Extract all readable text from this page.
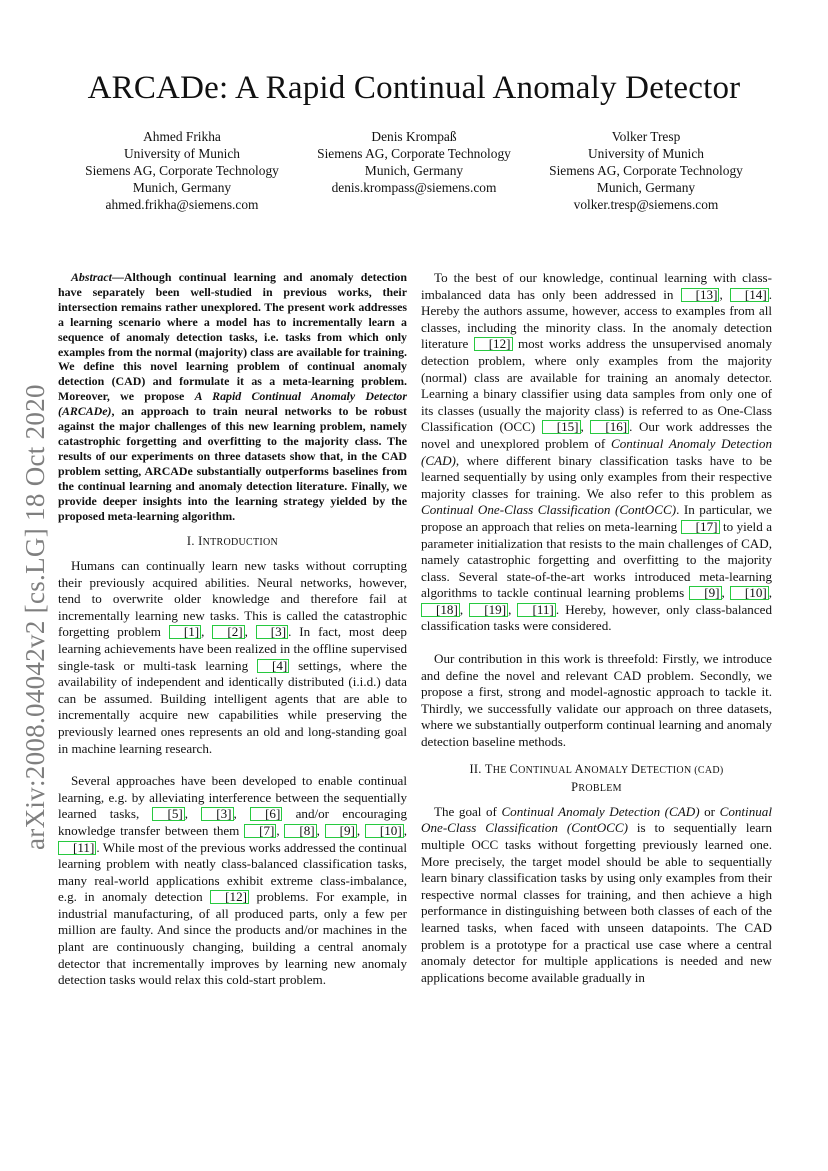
ARCADe: A Rapid Continual Anomaly Detector
Ahmed Frikha
University of Munich
Siemens AG, Corporate Technology
Munich, Germany
ahmed.frikha@siemens.com
Denis Krompaß
Siemens AG, Corporate Technology
Munich, Germany
denis.krompass@siemens.com
Volker Tresp
University of Munich
Siemens AG, Corporate Technology
Munich, Germany
volker.tresp@siemens.com
arXiv:2008.04042v2 [cs.LG] 18 Oct 2020

Abstract—Although continual learning and anomaly detection have separately been well-studied in previous works, their intersection remains rather unexplored. The present work addresses a learning scenario where a model has to incrementally learn a sequence of anomaly detection tasks, i.e. tasks from which only examples from the normal (majority) class are available for training. We define this novel learning problem of continual anomaly detection (CAD) and formulate it as a meta-learning problem. Moreover, we propose A Rapid Continual Anomaly Detector (ARCADe), an approach to train neural networks to be robust against the major challenges of this new learning problem, namely catastrophic forgetting and overfitting to the majority class. The results of our experiments on three datasets show that, in the CAD problem setting, ARCADe substantially outperforms baselines from the continual learning and anomaly detection literature. Finally, we provide deeper insights into the learning strategy yielded by the proposed meta-learning algorithm.

I. INTRODUCTION

Humans can continually learn new tasks without corrupting their previously acquired abilities. Neural networks, however, tend to overwrite older knowledge and therefore fail at incrementally learning new tasks. This is called the catastrophic forgetting problem [1] , [2] , [3] . In fact, most deep learning achievements have been realized in the offline supervised single-task or multi-task learning [4] settings, where the availability of independent and identically distributed (i.i.d.) data can be assumed. Building intelligent agents that are able to incrementally acquire new capabilities while preserving the previously learned ones represents an old and long-standing goal in machine learning research.

Several approaches have been developed to enable continual learning, e.g. by alleviating interference between the sequentially learned tasks, [5] , [3] , [6] and/or encouraging knowledge transfer between them [7] , [8] , [9] , [10] , [11] . While most of the previous works addressed the continual learning problem with neatly class-balanced classification tasks, many real-world applications exhibit extreme class-imbalance, e.g. in anomaly detection [12] problems. For example, in industrial manufacturing, of all produced parts, only a few per million are faulty. And since the products and/or machines in the plant are continuously changing, building a central anomaly detector that incrementally improves by learning new anomaly detection tasks would relax this cold-start problem.

To the best of our knowledge, continual learning with class-imbalanced data has only been addressed in [13] , [14] . Hereby the authors assume, however, access to examples from all classes, including the minority class. In the anomaly detection literature [12] most works address the unsupervised anomaly detection problem, where only examples from the majority (normal) class are available for training an anomaly detector. Learning a binary classifier using data samples from only one of its classes (usually the majority class) is referred to as One-Class Classification (OCC) [15] , [16] . Our work addresses the novel and unexplored problem of Continual Anomaly Detection (CAD), where different binary classification tasks have to be learned sequentially by using only examples from their respective majority classes for training. We also refer to this problem as Continual One-Class Classification (ContOCC). In particular, we propose an approach that relies on meta-learning [17] to yield a parameter initialization that resists to the main challenges of CAD, namely catastrophic forgetting and overfitting to the majority class. Several state-of-the-art works introduced meta-learning algorithms to tackle continual learning problems [9] , [10] , [18] , [19] , [11] . Hereby, however, only class-balanced classification tasks were considered.

Our contribution in this work is threefold: Firstly, we introduce and define the novel and relevant CAD problem. Secondly, we propose a first, strong and model-agnostic approach to tackle it. Thirdly, we successfully validate our approach on three datasets, where we substantially outperform continual learning and anomaly detection baseline methods.

II. THE CONTINUAL ANOMALY DETECTION (CAD)
PROBLEM

The goal of Continual Anomaly Detection (CAD) or Continual One-Class Classification (ContOCC) is to sequentially learn multiple OCC tasks without forgetting previously learned one. More precisely, the target model should be able to sequentially learn binary classification tasks by using only examples from their respective normal classes for training, and then achieve a high performance in distinguishing between both classes of each of the learned tasks, when faced with unseen datapoints. The CAD problem is a prototype for a practical use case where a central anomaly detector for multiple applications is needed and new applications become available gradually in
